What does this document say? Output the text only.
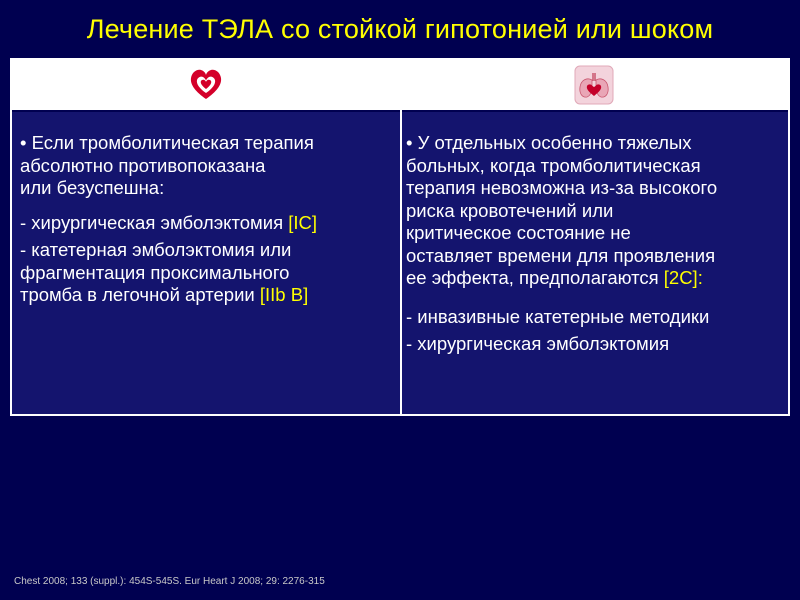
Лечение ТЭЛА со стойкой гипотонией или шоком

• Если тромболитическая терапия
абсолютно противопоказана
или безуспешна:

- хирургическая эмболэктомия [IC]

- катетерная эмболэктомия или
фрагментация проксимального
тромба в легочной артерии [IIb B]

• У отдельных особенно тяжелых
больных, когда тромболитическая
терапия невозможна из-за высокого
риска кровотечений или
критическое состояние не
оставляет времени для проявления
ее эффекта, предполагаются [2C]:

- инвазивные катетерные методики

- хирургическая эмболэктомия

Chest 2008; 133 (suppl.): 454S-545S. Eur Heart J 2008; 29: 2276-315
